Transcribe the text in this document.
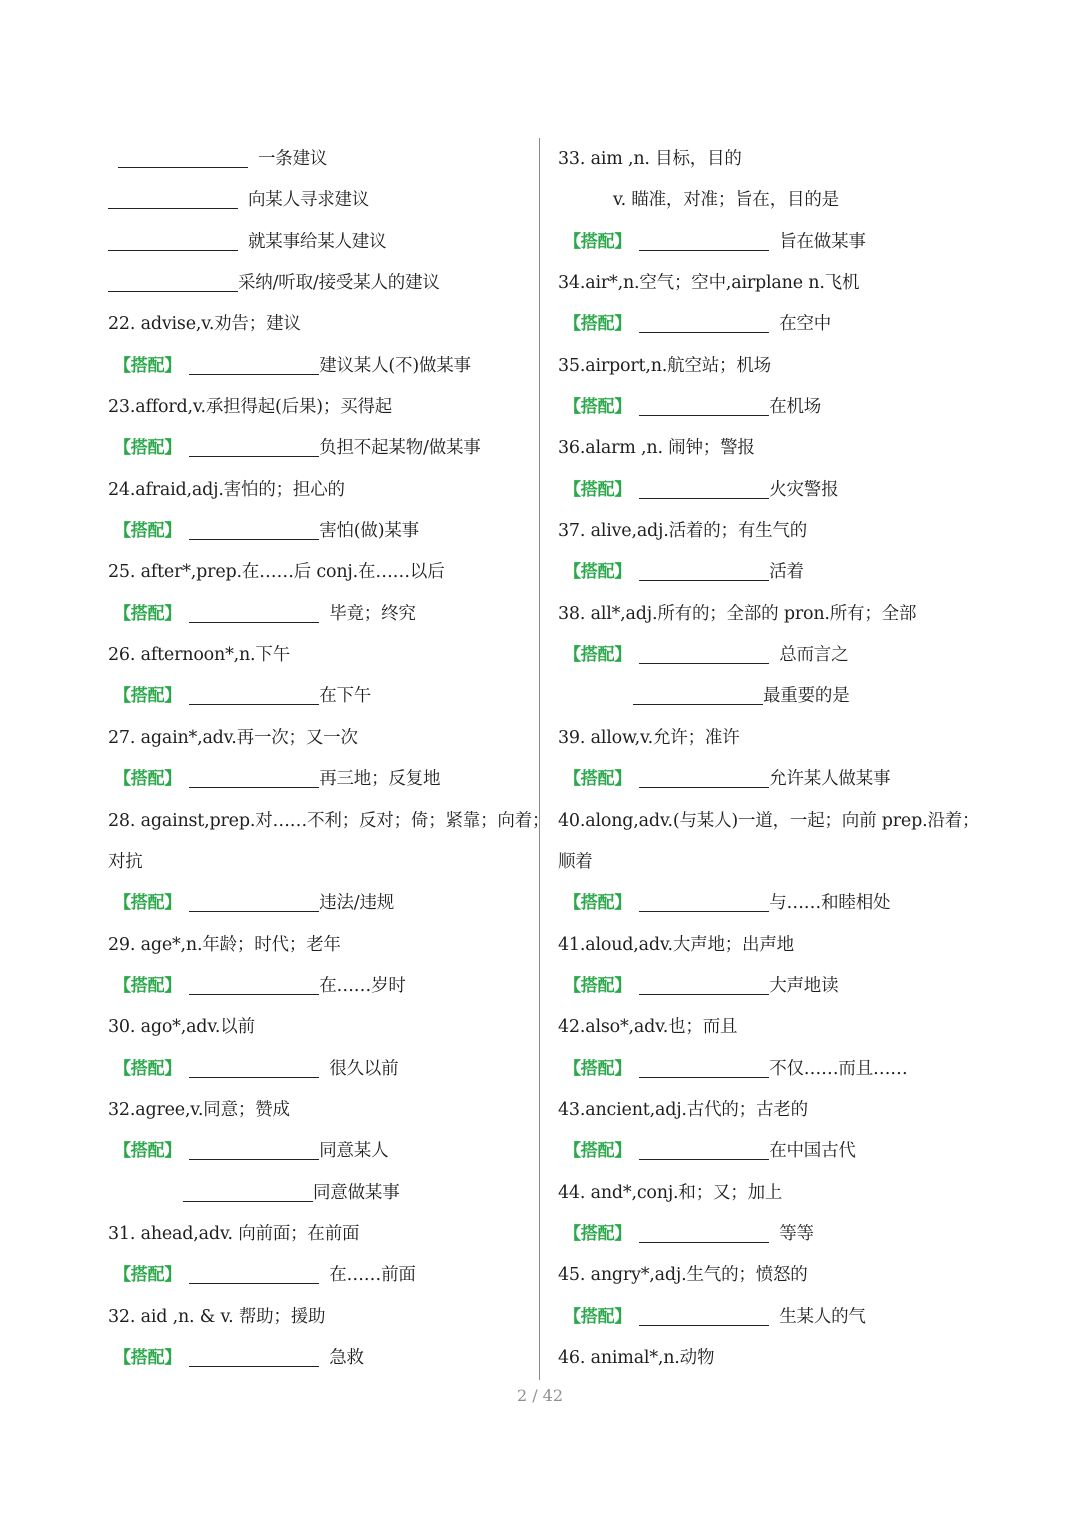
一条建议
向某人寻求建议
就某事给某人建议
采纳/听取/接受某人的建议
22. advise,v.劝告；建议
【搭配】	建议某人(不)做某事
23.afford,v.承担得起(后果)；买得起
【搭配】	负担不起某物/做某事
24.afraid,adj.害怕的；担心的
【搭配】	害怕(做)某事
25. after*,prep.在……后 conj.在……以后
【搭配】	毕竟；终究
26. afternoon*,n.下午
【搭配】	在下午
27. again*,adv.再一次；又一次
【搭配】	再三地；反复地
28. against,prep.对……不利；反对；倚；紧靠；向着；
对抗
【搭配】	违法/违规
29. age*,n.年龄；时代；老年
【搭配】	在……岁时
30. ago*,adv.以前
【搭配】	很久以前
32.agree,v.同意；赞成
【搭配】	同意某人
同意做某事
31. ahead,adv. 向前面；在前面
【搭配】	在……前面
32. aid ,n. & v. 帮助；援助
【搭配】	急救
33. aim ,n. 目标，目的
v. 瞄准，对准；旨在，目的是
【搭配】	旨在做某事
34.air*,n.空气；空中,airplane n.飞机
【搭配】	在空中
35.airport,n.航空站；机场
【搭配】	在机场
36.alarm ,n. 闹钟；警报
【搭配】	火灾警报
37. alive,adj.活着的；有生气的
【搭配】	活着
38. all*,adj.所有的；全部的 pron.所有；全部
【搭配】	总而言之
最重要的是
39. allow,v.允许；准许
【搭配】	允许某人做某事
40.along,adv.(与某人)一道，一起；向前 prep.沿着；
顺着
【搭配】	与……和睦相处
41.aloud,adv.大声地；出声地
【搭配】	大声地读
42.also*,adv.也；而且
【搭配】	不仅……而且……
43.ancient,adj.古代的；古老的
【搭配】	在中国古代
44. and*,conj.和；又；加上
【搭配】	等等
45. angry*,adj.生气的；愤怒的
【搭配】	生某人的气
46. animal*,n.动物
2 / 42
